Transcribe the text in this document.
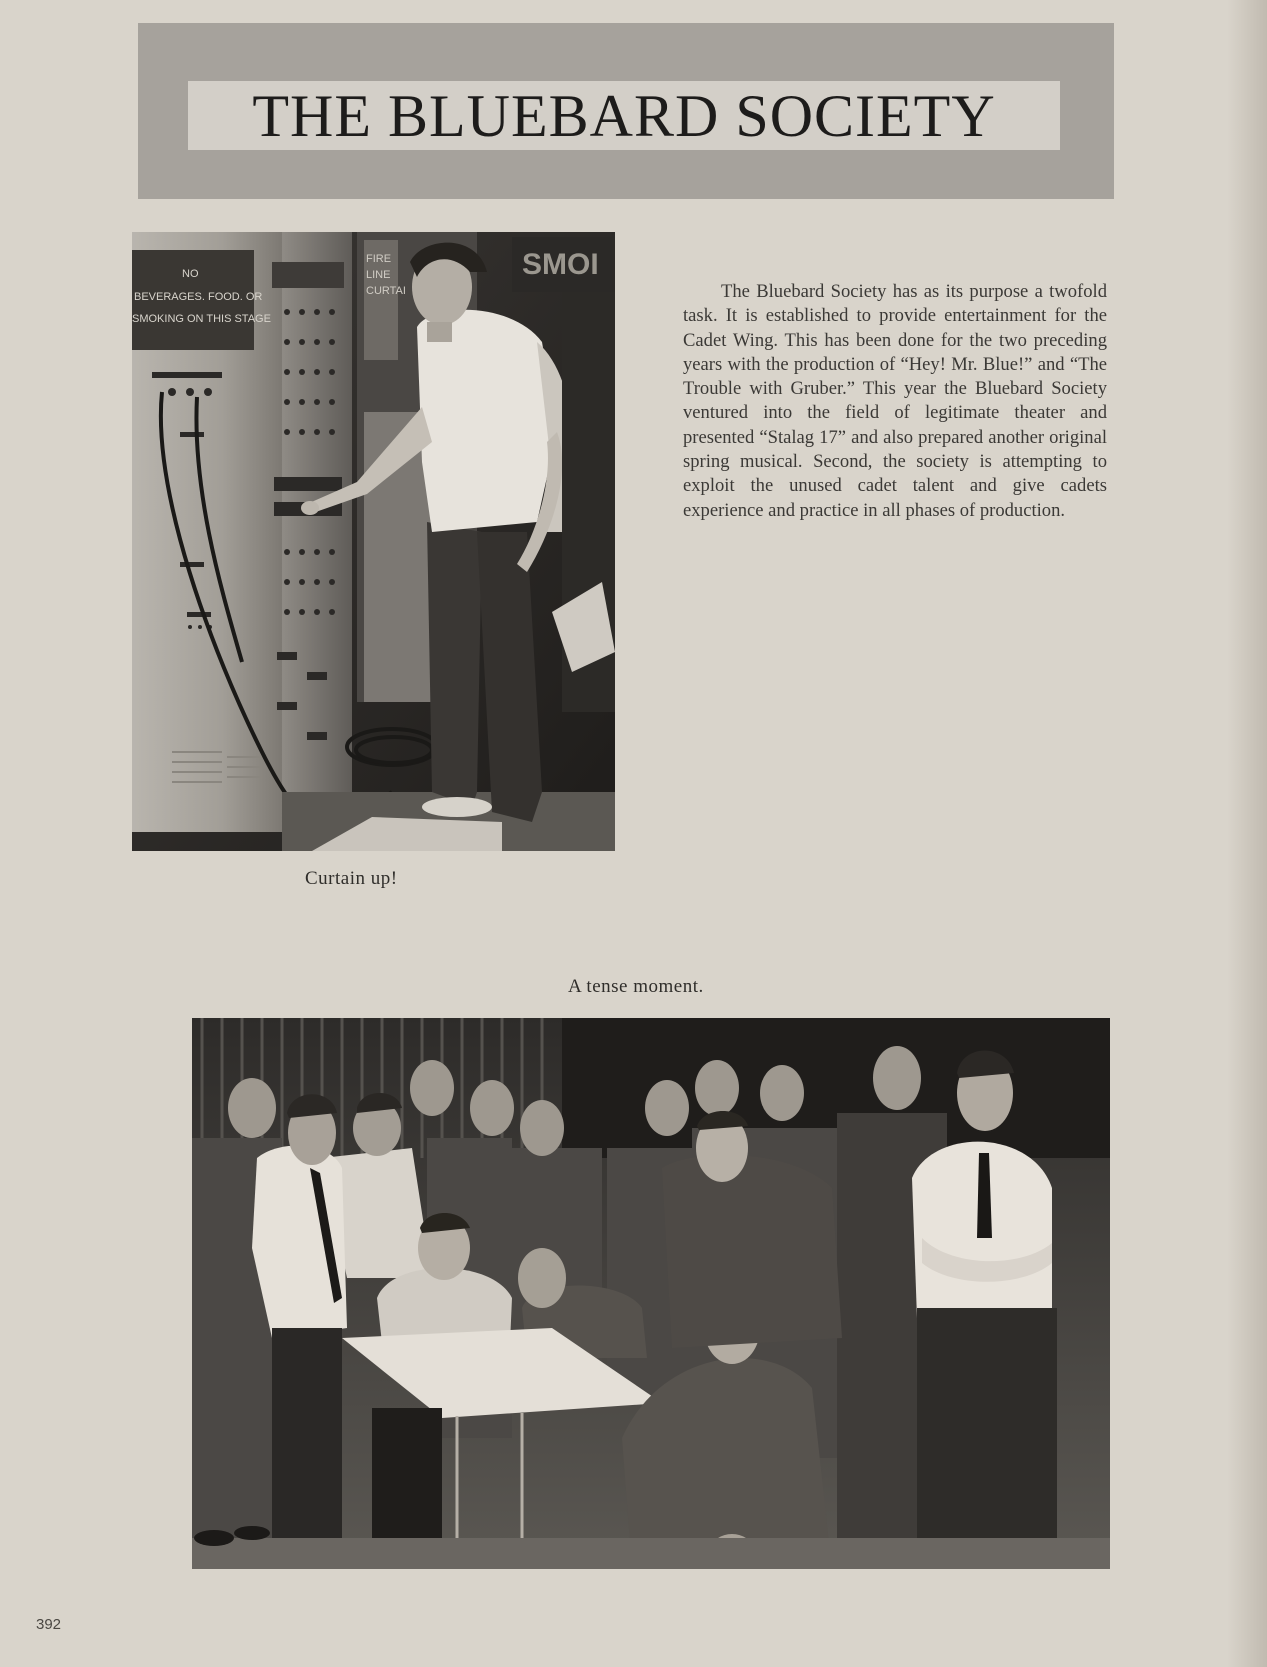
THE BLUEBARD SOCIETY
SMOI
FIRE
LINE
CURTAI
NO
BEVERAGES. FOOD. OR
SMOKING ON THIS STAGE
Curtain up!

The Bluebard Society has as its purpose a twofold task. It is established to provide entertainment for the Cadet Wing. This has been done for the two preceding years with the production of “Hey! Mr. Blue!” and “The Trouble with Gruber.” This year the Bluebard Society ventured into the field of legitimate theater and presented “Stalag 17” and also prepared another original spring musical. Second, the society is attempting to exploit the unused cadet talent and give cadets experience and practice in all phases of production.

A tense moment.
392
